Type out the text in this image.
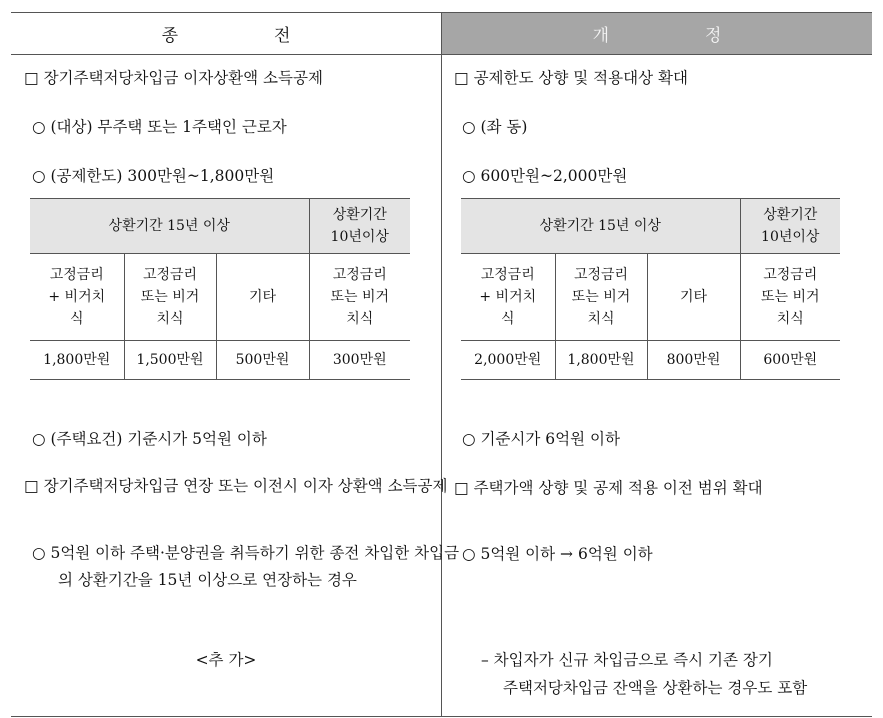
종	전	개	정
□ 장기주택저당차입금 이자상환액 소득공제
○ (대상) 무주택 또는 1주택인 근로자
○ (공제한도) 300만원~1,800만원
상환기간 15년 이상			상환기간 10년이상
고정금리 + 비거치식	고정금리 또는 비거치식	기타	고정금리 또는 비거치식
1,800만원	1,500만원	500만원	300만원
○ (주택요건) 기준시가 5억원 이하
□ 장기주택저당차입금 연장 또는 이전시 이자 상환액 소득공제
○ 5억원 이하 주택·분양권을 취득하기 위한 종전 차입한 차입금의 상환기간을 15년 이상으로 연장하는 경우
<추 가>
□ 공제한도 상향 및 적용대상 확대
○ (좌 동)
○ 600만원~2,000만원
상환기간 15년 이상			상환기간 10년이상
고정금리 + 비거치식	고정금리 또는 비거치식	기타	고정금리 또는 비거치식
2,000만원	1,800만원	800만원	600만원
○ 기준시가 6억원 이하
□ 주택가액 상향 및 공제 적용 이전 범위 확대
○ 5억원 이하 → 6억원 이하
– 차입자가 신규 차입금으로 즉시 기존 장기
주택저당차입금 잔액을 상환하는 경우도 포함
